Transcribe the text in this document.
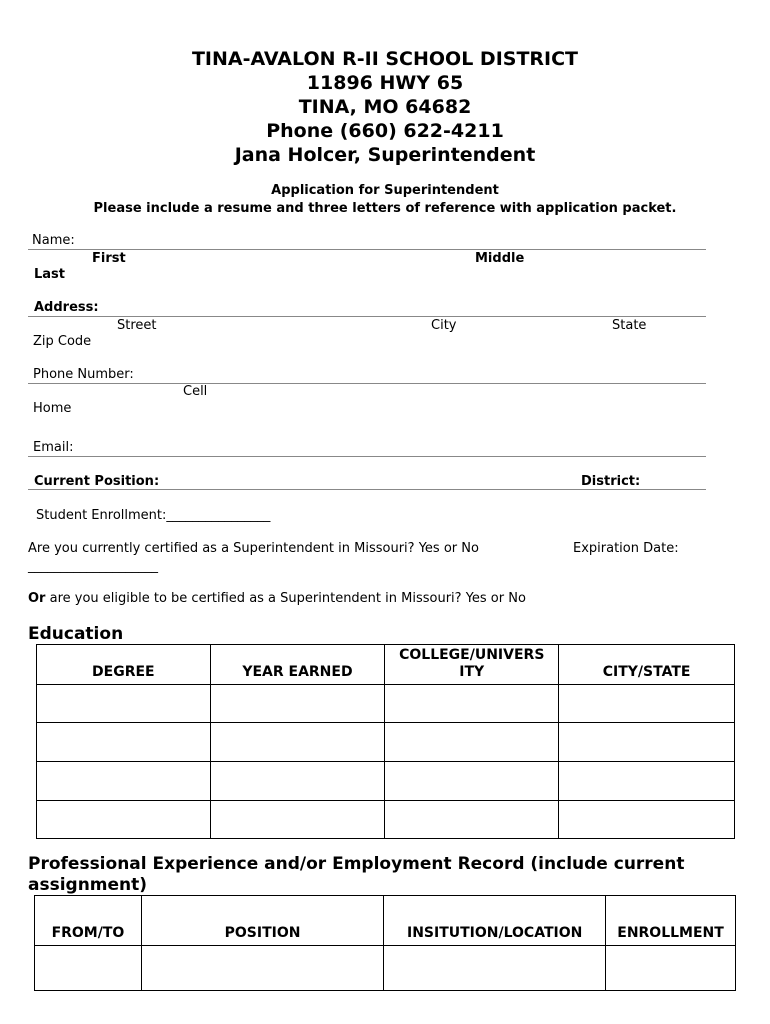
TINA-AVALON R-II SCHOOL DISTRICT
11896 HWY 65
TINA, MO 64682
Phone (660) 622-4211
Jana Holcer, Superintendent
Application for Superintendent
Please include a resume and three letters of reference with application packet.
Name:
First	Middle
Last
Address:
Street	City	State
Zip Code
Phone Number:
Cell
Home
Email:
Current Position:	District:
Student Enrollment:________________
Are you currently certified as a Superintendent in Missouri? Yes or No	Expiration Date:
____________________
Or are you eligible to be certified as a Superintendent in Missouri? Yes or No
Education
DEGREE	YEAR EARNED	COLLEGE/UNIVERS ITY	CITY/STATE

Professional Experience and/or Employment Record (include current assignment)
FROM/TO	POSITION	INSITUTION/LOCATION	ENROLLMENT
